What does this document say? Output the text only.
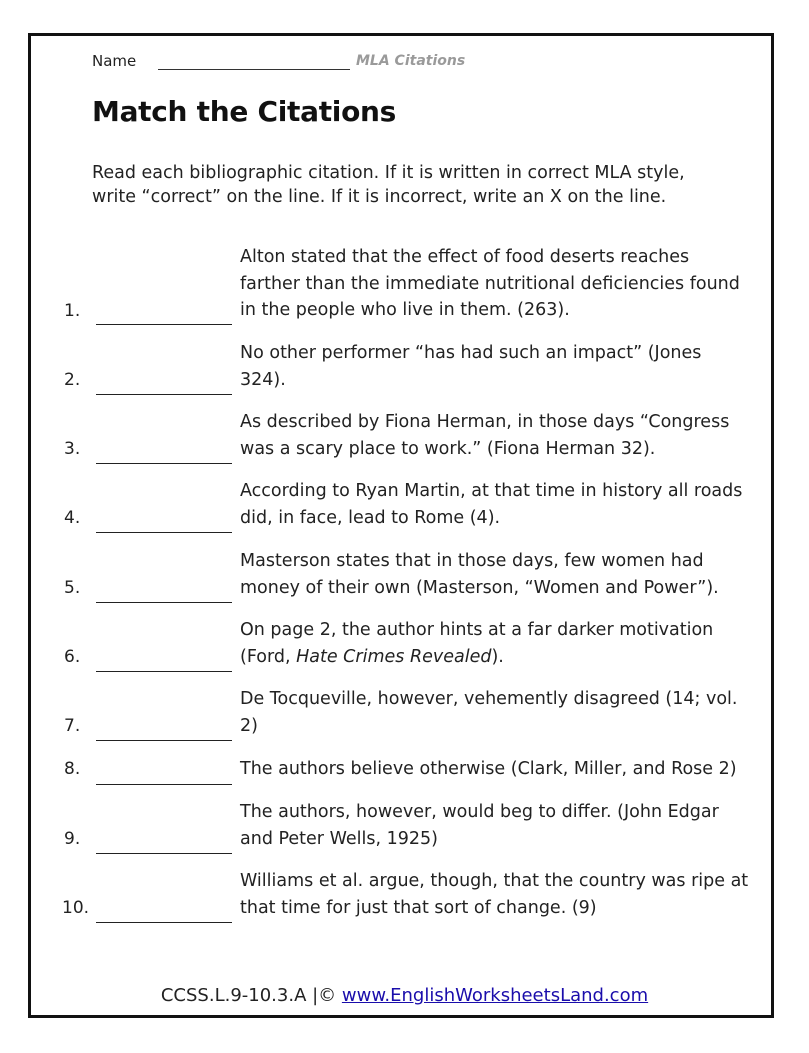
Name	MLA Citations
Match the Citations
Read each bibliographic citation. If it is written in correct MLA style, write “correct” on the line. If it is incorrect, write an X on the line.
Alton stated that the effect of food deserts reaches farther than the immediate nutritional deficiencies found in the people who live in them. (263).
1.
No other performer “has had such an impact” (Jones 324).
2.
As described by Fiona Herman, in those days “Congress was a scary place to work.” (Fiona Herman 32).
3.
According to Ryan Martin, at that time in history all roads did, in face, lead to Rome (4).
4.
Masterson states that in those days, few women had money of their own (Masterson, “Women and Power”).
5.
On page 2, the author hints at a far darker motivation (Ford, Hate Crimes Revealed).
6.
De Tocqueville, however, vehemently disagreed (14; vol. 2)
7.
The authors believe otherwise (Clark, Miller, and Rose 2)
8.
The authors, however, would beg to differ. (John Edgar and Peter Wells, 1925)
9.
Williams et al. argue, though, that the country was ripe at that time for just that sort of change. (9)
10.
CCSS.L.9-10.3.A |© www.EnglishWorksheetsLand.com
